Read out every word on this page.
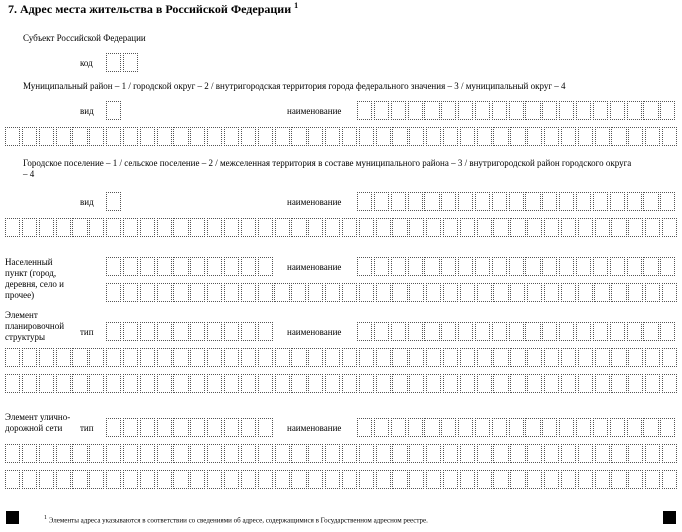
7. Адрес места жительства в Российской Федерации $^1$
Субъект Российской Федерации
код
Муниципальный район – 1 / городской округ – 2 / внутригородская территория города федерального значения – 3 / муниципальный округ – 4
вид	наименование
Городское поселение – 1 / сельское поселение – 2 / межселенная территория в составе муниципального района – 3 / внутригородской район городского округа – 4
вид	наименование
Населенный пункт (город, деревня, село и прочее)
наименование
Элемент планировочной структуры	тип	наименование
Элемент улично-дорожной сети	тип	наименование
$^1$ Элементы адреса указываются в соответствии со сведениями об адресе, содержащимися в Государственном адресном реестре.
